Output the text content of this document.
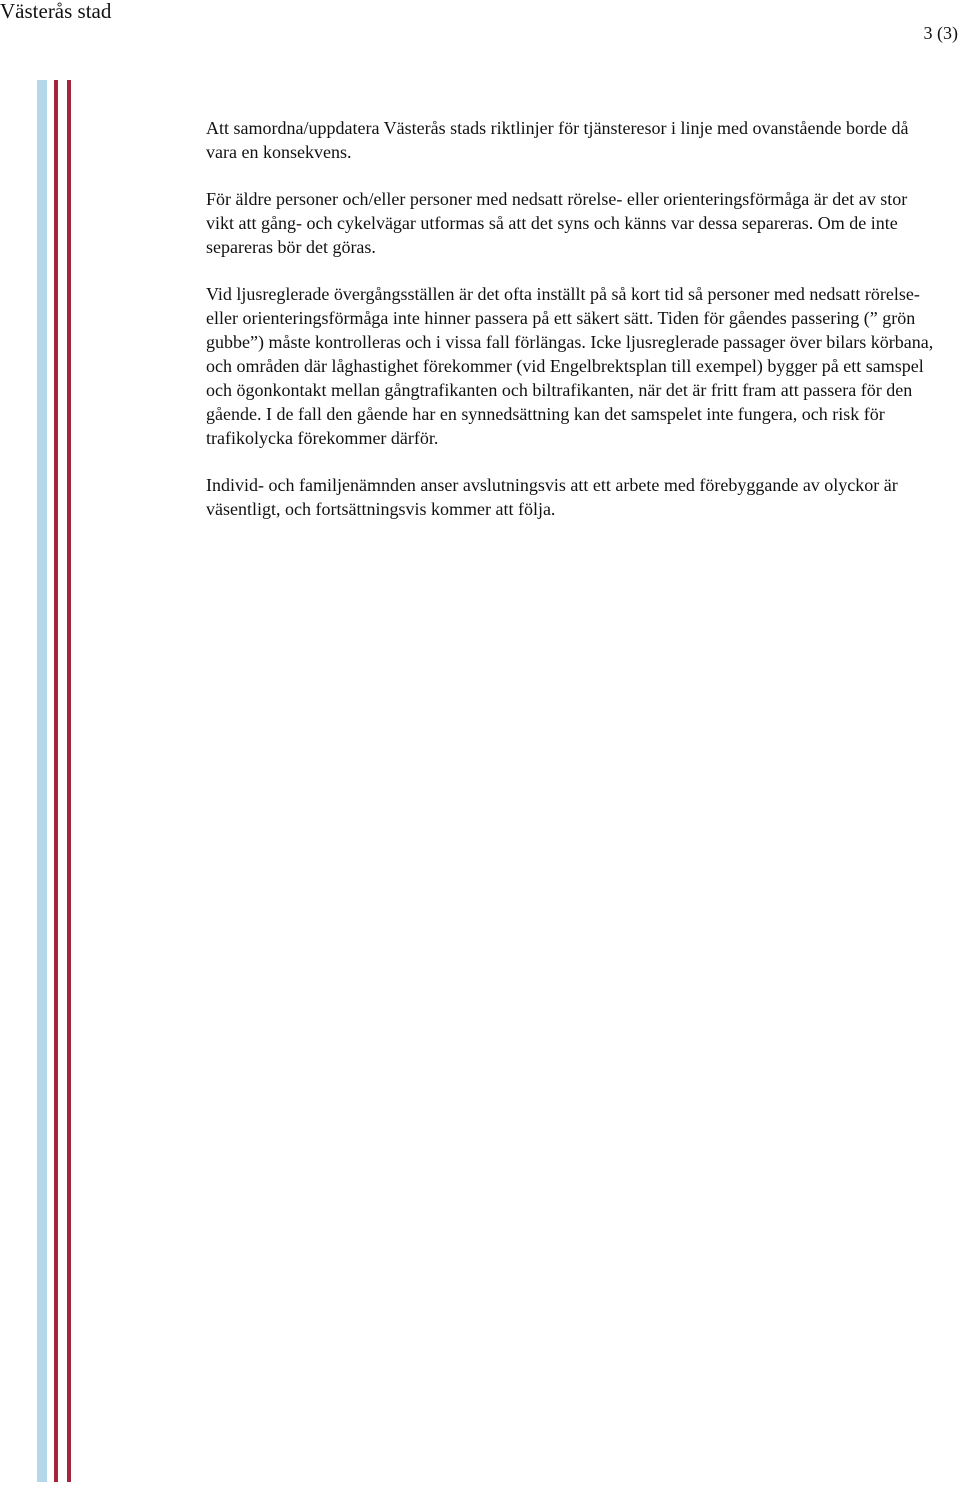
Västerås stad
3 (3)

Att samordna/uppdatera Västerås stads riktlinjer för tjänsteresor i linje med ovanstående borde då vara en konsekvens.

För äldre personer och/eller personer med nedsatt rörelse- eller orienteringsförmåga är det av stor vikt att gång- och cykelvägar utformas så att det syns och känns var dessa separeras. Om de inte separeras bör det göras.

Vid ljusreglerade övergångsställen är det ofta inställt på så kort tid så personer med nedsatt rörelse- eller orienteringsförmåga inte hinner passera på ett säkert sätt. Tiden för gåendes passering (” grön gubbe”) måste kontrolleras och i vissa fall förlängas. Icke ljusreglerade passager över bilars körbana, och områden där låghastighet förekommer (vid Engelbrektsplan till exempel) bygger på ett samspel och ögonkontakt mellan gångtrafikanten och biltrafikanten, när det är fritt fram att passera för den gående. I de fall den gående har en synnedsättning kan det samspelet inte fungera, och risk för trafikolycka förekommer därför.

Individ- och familjenämnden anser avslutningsvis att ett arbete med förebyggande av olyckor är väsentligt, och fortsättningsvis kommer att följa.
